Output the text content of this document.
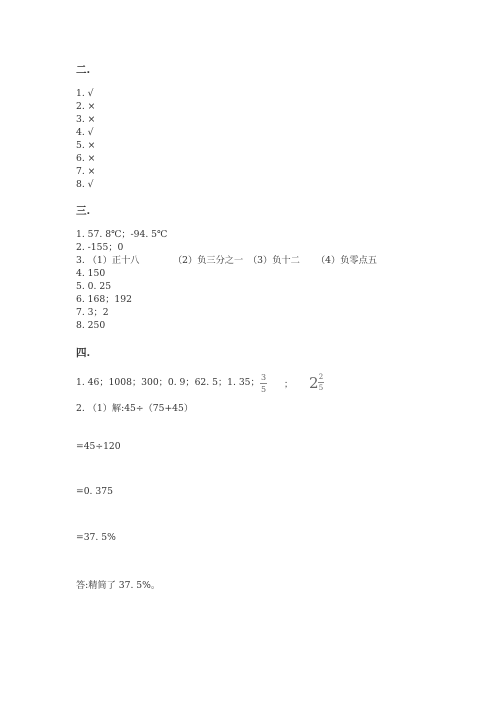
二.
1. √
2. ×
3. ×
4. √
5. ×
6. ×
7. ×
8. √
三.
1. 57. 8℃；-94. 5℃
2. -155；0
3. （1）正十八	（2）负三分之一 （3）负十二 （4）负零点五
4. 150
5. 0. 25
6. 168；192
7. 3；2
8. 250
四.
1. 46；1008；300；0. 9；62. 5；1. 35； 3
5 ； 2 2
5
2. （1）解:45÷（75+45）
=45÷120
=0. 375
=37. 5%
答:精简了 37. 5%。
